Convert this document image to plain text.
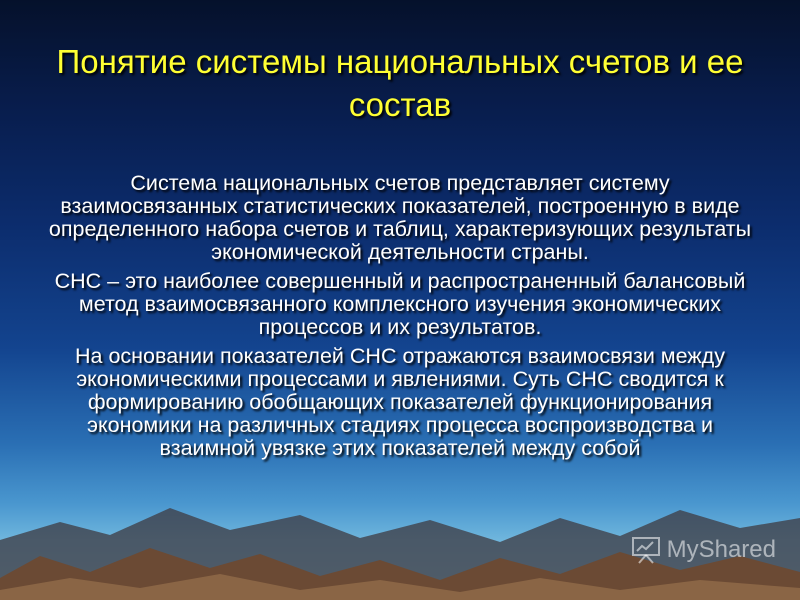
Понятие системы национальных счетов и ее состав

Система национальных счетов представляет систему взаимосвязанных статистических показателей, построенную в виде определенного набора счетов и таблиц, характеризующих результаты экономической деятельности страны.

СНС – это наиболее совершенный и распространенный балансовый метод взаимосвязанного комплексного изучения экономических процессов и их результатов.

На основании показателей СНС отражаются взаимосвязи между экономическими процессами и явлениями. Суть СНС сводится к формированию обобщающих показателей функционирования экономики на различных стадиях процесса воспроизводства и взаимной увязке этих показателей между собой

MyShared
